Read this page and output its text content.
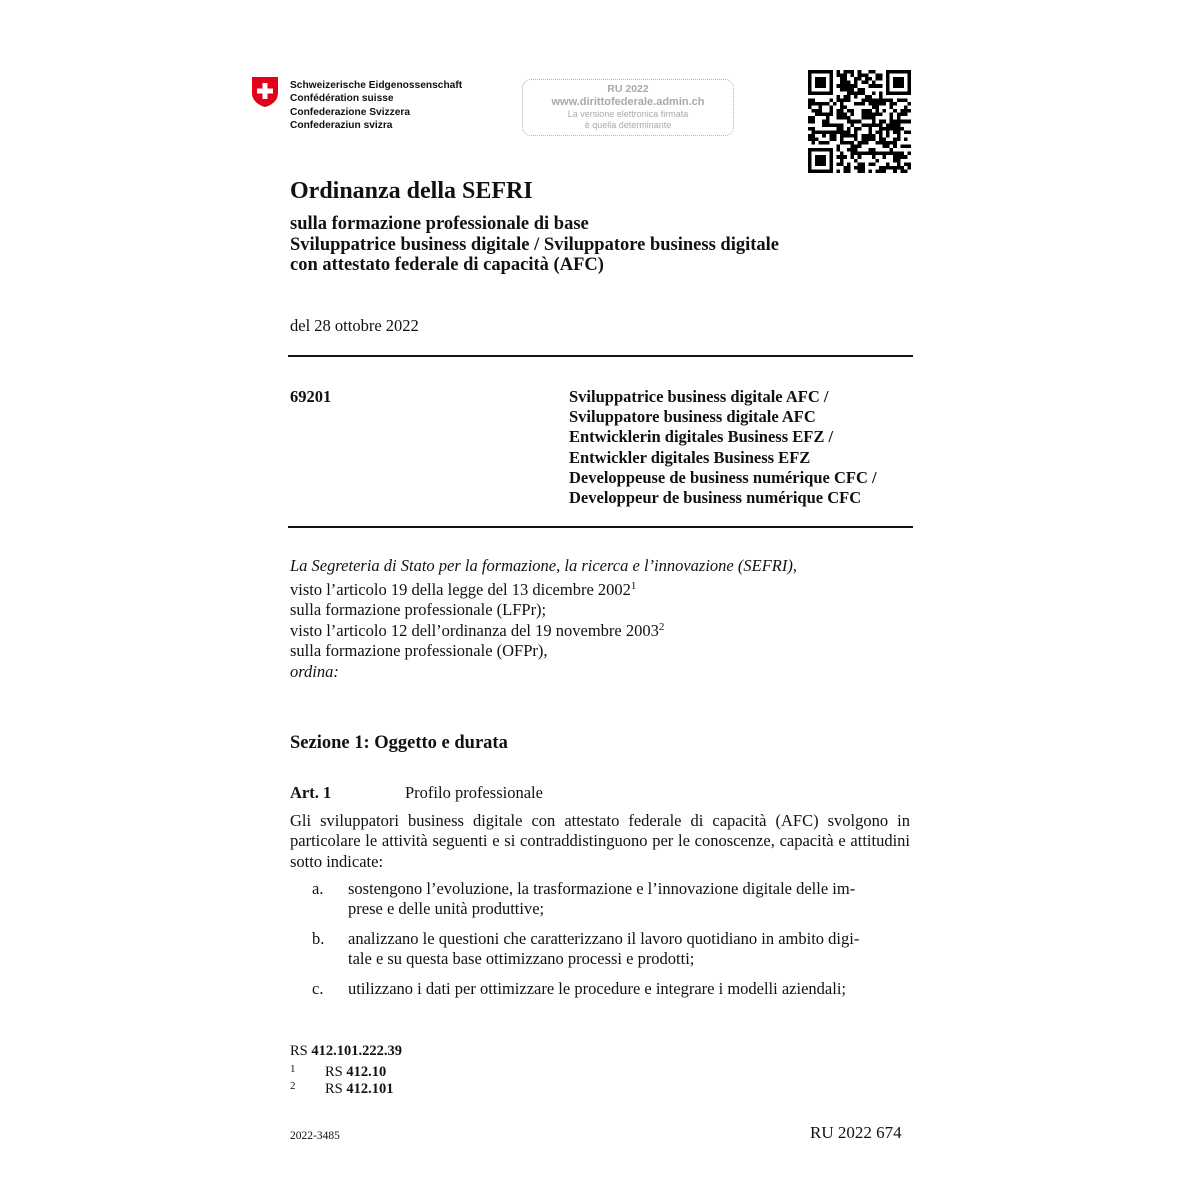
Schweizerische Eidgenossenschaft
Confédération suisse
Confederazione Svizzera
Confederaziun svizra
RU 2022
www.dirittofederale.admin.ch
La versione elettronica firmata
è quella determinante
Ordinanza della SEFRI
sulla formazione professionale di base
Sviluppatrice business digitale / Sviluppatore business digitale
con attestato federale di capacità (AFC)
del 28 ottobre 2022
69201	Sviluppatrice business digitale AFC /
Sviluppatore business digitale AFC
Entwicklerin digitales Business EFZ /
Entwickler digitales Business EFZ
Developpeuse de business numérique CFC /
Developpeur de business numérique CFC
La Segreteria di Stato per la formazione, la ricerca e l’innovazione (SEFRI),
visto l’articolo 19 della legge del 13 dicembre 2002$^1$
sulla formazione professionale (LFPr);
visto l’articolo 12 dell’ordinanza del 19 novembre 2003$^2$
sulla formazione professionale (OFPr),
ordina:
Sezione 1: Oggetto e durata
Art. 1	Profilo professionale
Gli sviluppatori business digitale con attestato federale di capacità (AFC) svolgono in particolare le attività seguenti e si contraddistinguono per le conoscenze, capacità e attitudini sotto indicate:
a. sostengono l’evoluzione, la trasformazione e l’innovazione digitale delle im-
prese e delle unità produttive;
b. analizzano le questioni che caratterizzano il lavoro quotidiano in ambito digi-
tale e su questa base ottimizzano processi e prodotti;
c. utilizzano i dati per ottimizzare le procedure e integrare i modelli aziendali;
RS 412.101.222.39
1 RS 412.10
2 RS 412.101
2022-3485	RU 2022 674
